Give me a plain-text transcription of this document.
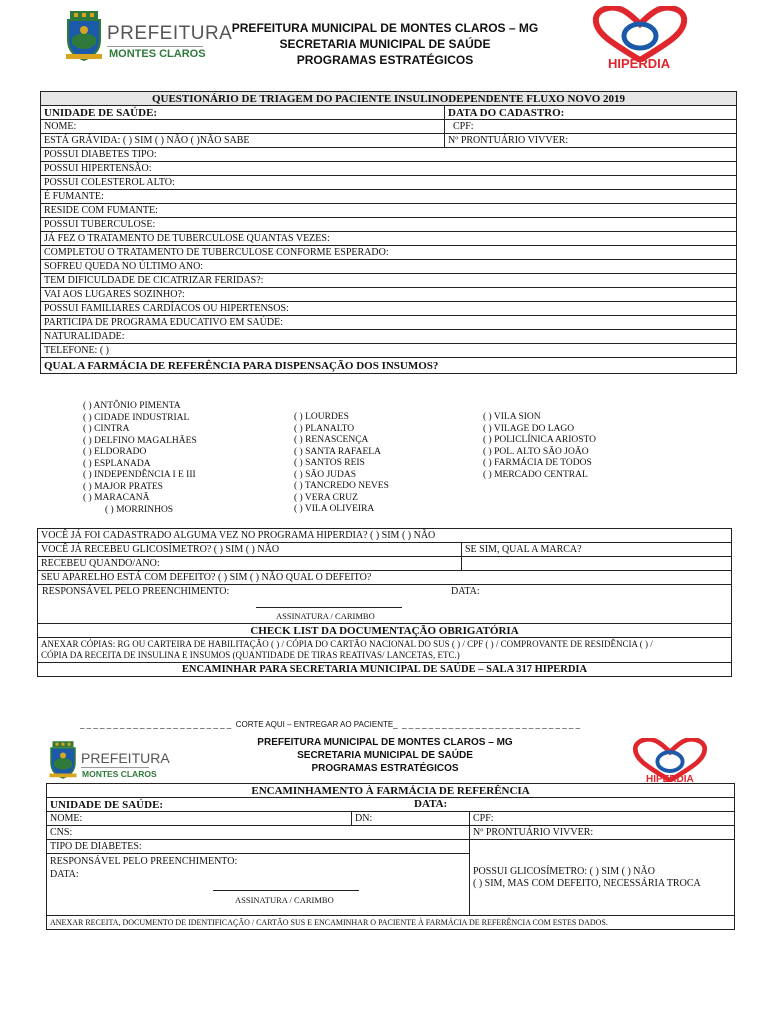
PREFEITURA
MONTES CLAROS
PREFEITURA MUNICIPAL DE MONTES CLAROS – MG
SECRETARIA MUNICIPAL DE SAÚDE
PROGRAMAS ESTRATÉGICOS	HIPERDIA
QUESTIONÁRIO DE TRIAGEM DO PACIENTE INSULINODEPENDENTE FLUXO NOVO 2019	
UNIDADE DE SAÚDE:	DATA DO CADASTRO:
NOME:	CPF:
ESTÁ GRÁVIDA: ( ) SIM ( ) NÃO ( )NÃO SABE	Nº PRONTUÁRIO VIVVER:
POSSUI DIABETES TIPO:	
POSSUI HIPERTENSÃO:	
POSSUI COLESTEROL ALTO:	
É FUMANTE:	
RESIDE COM FUMANTE:	
POSSUI TUBERCULOSE:	
JÁ FEZ O TRATAMENTO DE TUBERCULOSE QUANTAS VEZES:	
COMPLETOU O TRATAMENTO DE TUBERCULOSE CONFORME ESPERADO:	
SOFREU QUEDA NO ÚLTIMO ANO:	
TEM DIFICULDADE DE CICATRIZAR FERIDAS?:	
VAI AOS LUGARES SOZINHO?:	
POSSUI FAMILIARES CARDÍACOS OU HIPERTENSOS:	
PARTICIPA DE PROGRAMA EDUCATIVO EM SAÚDE:	
NATURALIDADE:	
TELEFONE: ( )	
QUAL A FARMÁCIA DE REFERÊNCIA PARA DISPENSAÇÃO DOS INSUMOS?	
( ) ANTÔNIO PIMENTA
( ) CIDADE INDUSTRIAL
( ) CINTRA
( ) DELFINO MAGALHÃES
( ) ELDORADO
( ) ESPLANADA
( ) INDEPENDÊNCIA I E III
( ) MAJOR PRATES
( ) MARACANÃ
( ) MORRINHOS
( ) LOURDES
( ) PLANALTO
( ) RENASCENÇA
( ) SANTA RAFAELA
( ) SANTOS REIS
( ) SÃO JUDAS
( ) TANCREDO NEVES
( ) VERA CRUZ
( ) VILA OLIVEIRA
( ) VILA SION
( ) VILAGE DO LAGO
( ) POLICLÍNICA ARIOSTO
( ) POL. ALTO SÃO JOÃO
( ) FARMÁCIA DE TODOS
( ) MERCADO CENTRAL
VOCÊ JÁ FOI CADASTRADO ALGUMA VEZ NO PROGRAMA HIPERDIA? ( ) SIM ( ) NÃO	
VOCÊ JÁ RECEBEU GLICOSÍMETRO? ( ) SIM ( ) NÃO	SE SIM, QUAL A MARCA?
RECEBEU QUANDO/ANO:	
SEU APARELHO ESTÁ COM DEFEITO? ( ) SIM ( ) NÃO QUAL O DEFEITO?	

RESPONSÁVEL PELO PREENCHIMENTO: DATA:
ASSINATURA / CARIMBO	

CHECK LIST DA DOCUMENTAÇÃO OBRIGATÓRIA	

ANEXAR CÓPIAS: RG OU CARTEIRA DE HABILITAÇÃO ( ) / CÓPIA DO CARTÃO NACIONAL DO SUS ( ) / CPF ( ) / COMPROVANTE DE RESIDÊNCIA ( ) /
CÓPIA DA RECEITA DE INSULINA E INSUMOS (QUANTIDADE DE TIRAS REATIVAS/ LANCETAS, ETC.)	

ENCAMINHAR PARA SECRETARIA MUNICIPAL DE SAÚDE – SALA 317 HIPERDIA	
_ _ _ _ _ _ _ _ _ _ _ _ _ _ _ _ _ _ _ _ _ _ _  CORTE AQUI – ENTREGAR AO PACIENTE_  _ _ _ _ _ _ _ _ _ _ _ _ _ _ _ _ _ _ _ _ _ _ _ _ _ _ _
PREFEITURA
MONTES CLAROS
PREFEITURA MUNICIPAL DE MONTES CLAROS – MG
SECRETARIA MUNICIPAL DE SAÚDE
PROGRAMAS ESTRATÉGICOS
HIPERDIA
ENCAMINHAMENTO À FARMÁCIA DE REFERÊNCIA		
UNIDADE DE SAÚDE: DATA:		

NOME:	DN:	CPF:
CNS:		Nº PRONTUÁRIO VIVVER:
TIPO DE DIABETES:		POSSUI GLICOSÍMETRO: ( ) SIM ( ) NÃO
( ) SIM, MAS COM DEFEITO, NECESSÁRIA TROCA

RESPONSÁVEL PELO PREENCHIMENTO:
DATA:
ASSINATURA / CARIMBO		

ANEXAR RECEITA, DOCUMENTO DE IDENTIFICAÇÃO / CARTÃO SUS E ENCAMINHAR O PACIENTE À FARMÁCIA DE REFERÊNCIA COM ESTES DADOS.		
